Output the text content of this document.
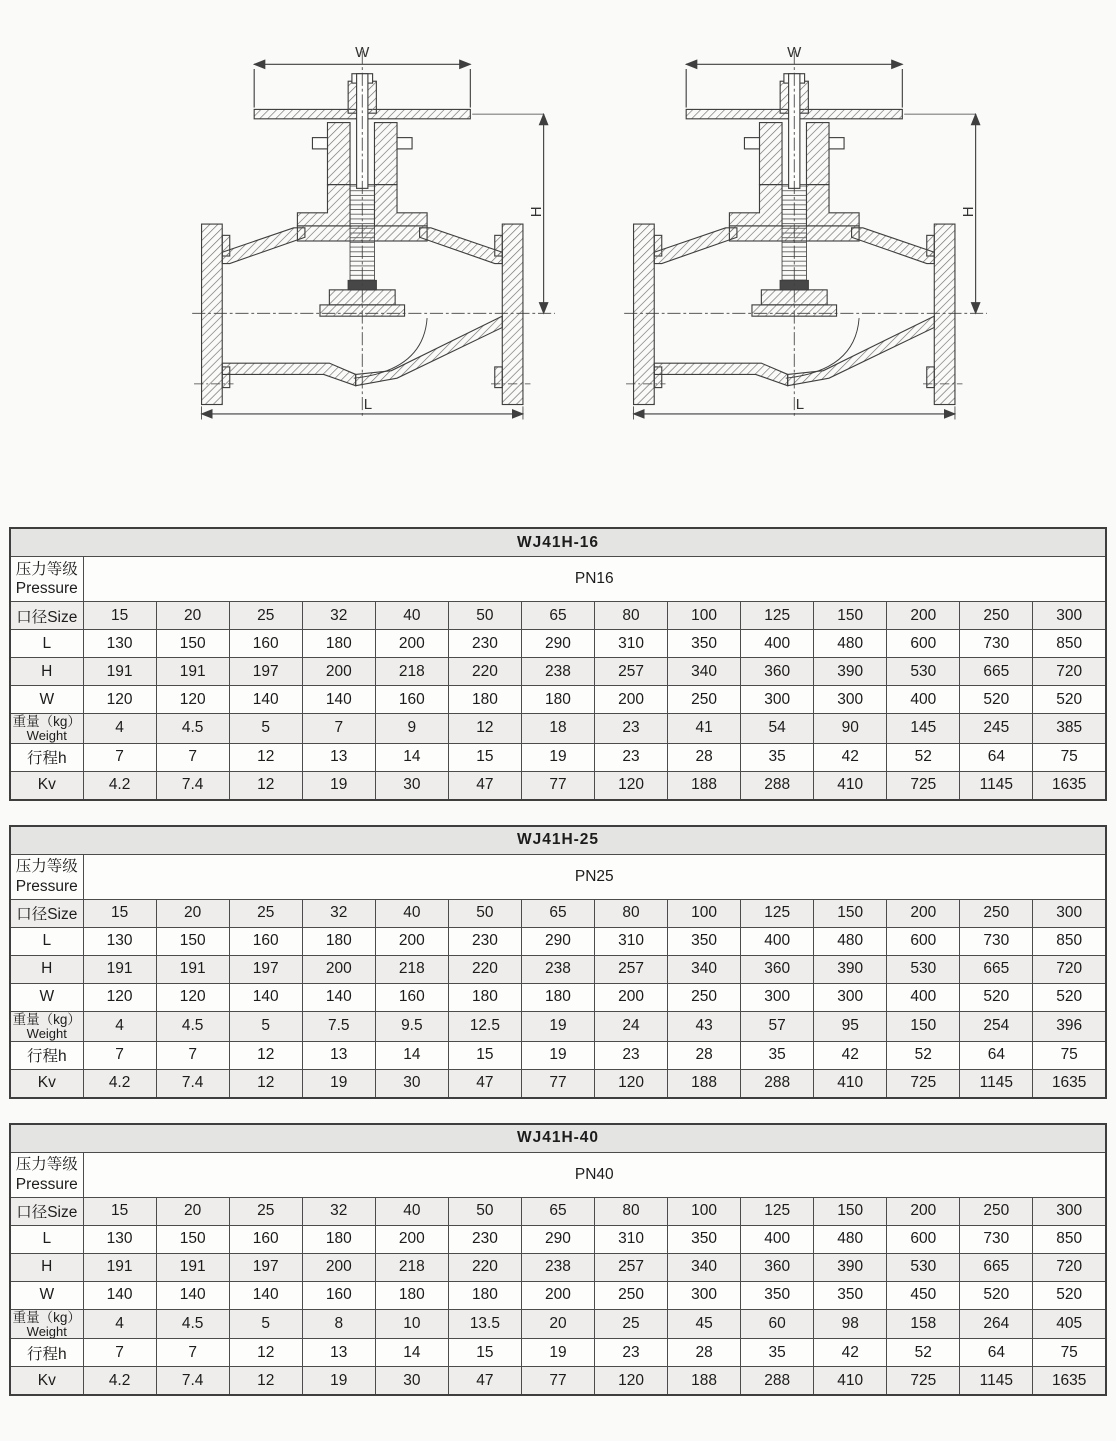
W
H
L
W
H
L
WJ41H-16														

压力等级
Pressure	PN16													
口径Size	15	20	25	32	40	50	65	80	100	125	150	200	250	300
L	130	150	160	180	200	230	290	310	350	400	480	600	730	850
H	191	191	197	200	218	220	238	257	340	360	390	530	665	720
W	120	120	140	140	160	180	180	200	250	300	300	400	520	520

重量（kg）
Weight	4	4.5	5	7	9	12	18	23	41	54	90	145	245	385
行程h	7	7	12	13	14	15	19	23	28	35	42	52	64	75
Kv	4.2	7.4	12	19	30	47	77	120	188	288	410	725	1145	1635
WJ41H-25														

压力等级
Pressure	PN25													
口径Size	15	20	25	32	40	50	65	80	100	125	150	200	250	300
L	130	150	160	180	200	230	290	310	350	400	480	600	730	850
H	191	191	197	200	218	220	238	257	340	360	390	530	665	720
W	120	120	140	140	160	180	180	200	250	300	300	400	520	520

重量（kg）
Weight	4	4.5	5	7.5	9.5	12.5	19	24	43	57	95	150	254	396
行程h	7	7	12	13	14	15	19	23	28	35	42	52	64	75
Kv	4.2	7.4	12	19	30	47	77	120	188	288	410	725	1145	1635
WJ41H-40														

压力等级
Pressure	PN40													
口径Size	15	20	25	32	40	50	65	80	100	125	150	200	250	300
L	130	150	160	180	200	230	290	310	350	400	480	600	730	850
H	191	191	197	200	218	220	238	257	340	360	390	530	665	720
W	140	140	140	160	180	180	200	250	300	350	350	450	520	520

重量（kg）
Weight	4	4.5	5	8	10	13.5	20	25	45	60	98	158	264	405
行程h	7	7	12	13	14	15	19	23	28	35	42	52	64	75
Kv	4.2	7.4	12	19	30	47	77	120	188	288	410	725	1145	1635
